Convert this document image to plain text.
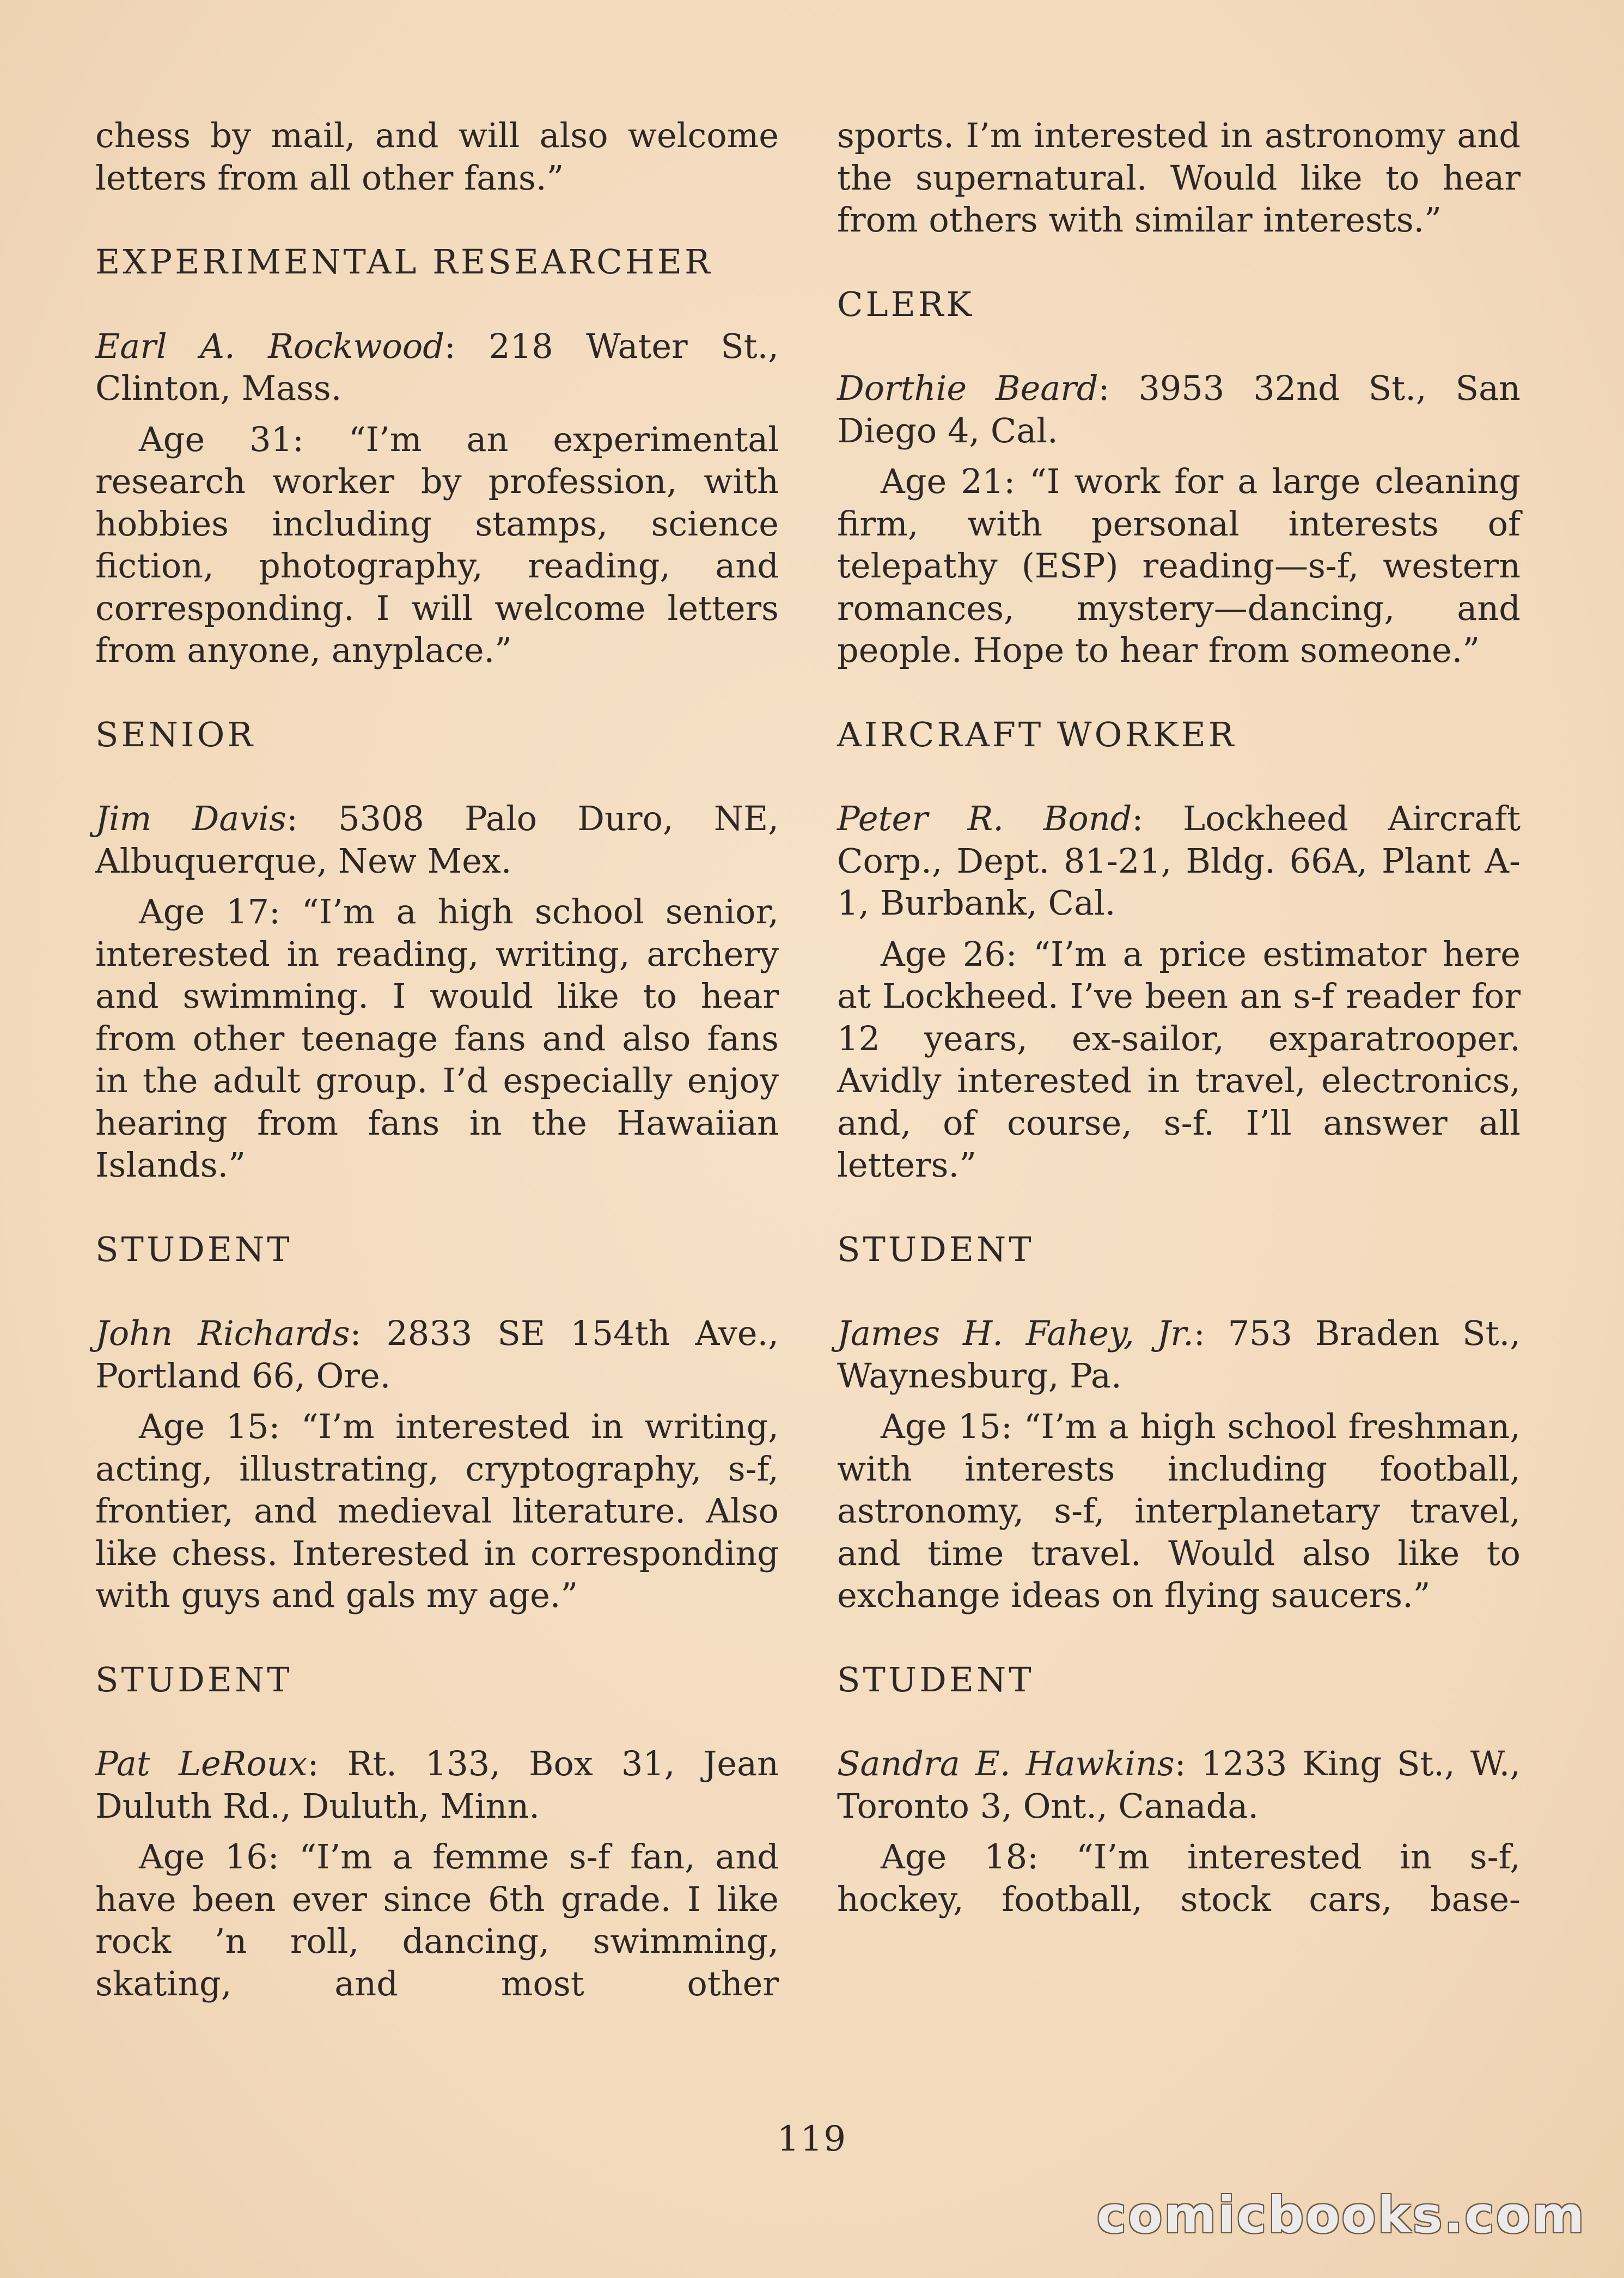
chess by mail, and will also welcome letters from all other fans.”

EXPERIMENTAL RESEARCHER

Earl A. Rockwood: 218 Water St., Clinton, Mass.

Age 31: “I’m an experimental research worker by profession, with hobbies including stamps, science fiction, photography, reading, and corresponding. I will welcome letters from anyone, anyplace.”

SENIOR

Jim Davis: 5308 Palo Duro, NE, Albuquerque, New Mex.

Age 17: “I’m a high school senior, interested in reading, writing, archery and swimming. I would like to hear from other teenage fans and also fans in the adult group. I’d especially enjoy hearing from fans in the Hawaiian Islands.”

STUDENT

John Richards: 2833 SE 154th Ave., Portland 66, Ore.

Age 15: “I’m interested in writing, acting, illustrating, cryptography, s-f, frontier, and medieval literature. Also like chess. Interested in corresponding with guys and gals my age.”

STUDENT

Pat LeRoux: Rt. 133, Box 31, Jean Duluth Rd., Duluth, Minn.

Age 16: “I’m a femme s-f fan, and have been ever since 6th grade. I like rock ’n roll, dancing, swimming, skating, and most other

sports. I’m interested in astronomy and the supernatural. Would like to hear from others with similar interests.”

CLERK

Dorthie Beard: 3953 32nd St., San Diego 4, Cal.

Age 21: “I work for a large cleaning firm, with personal interests of telepathy (ESP) reading—s-f, western romances, mystery—dancing, and people. Hope to hear from someone.”

AIRCRAFT WORKER

Peter R. Bond: Lockheed Aircraft Corp., Dept. 81-21, Bldg. 66A, Plant A-1, Burbank, Cal.

Age 26: “I’m a price estimator here at Lockheed. I’ve been an s-f reader for 12 years, ex-sailor, exparatrooper. Avidly interested in travel, electronics, and, of course, s-f. I’ll answer all letters.”

STUDENT

James H. Fahey, Jr.: 753 Braden St., Waynesburg, Pa.

Age 15: “I’m a high school freshman, with interests including football, astronomy, s-f, interplanetary travel, and time travel. Would also like to exchange ideas on flying saucers.”

STUDENT

Sandra E. Hawkins: 1233 King St., W., Toronto 3, Ont., Canada.

Age 18: “I’m interested in s-f, hockey, football, stock cars, base-

119
comicbooks.com
